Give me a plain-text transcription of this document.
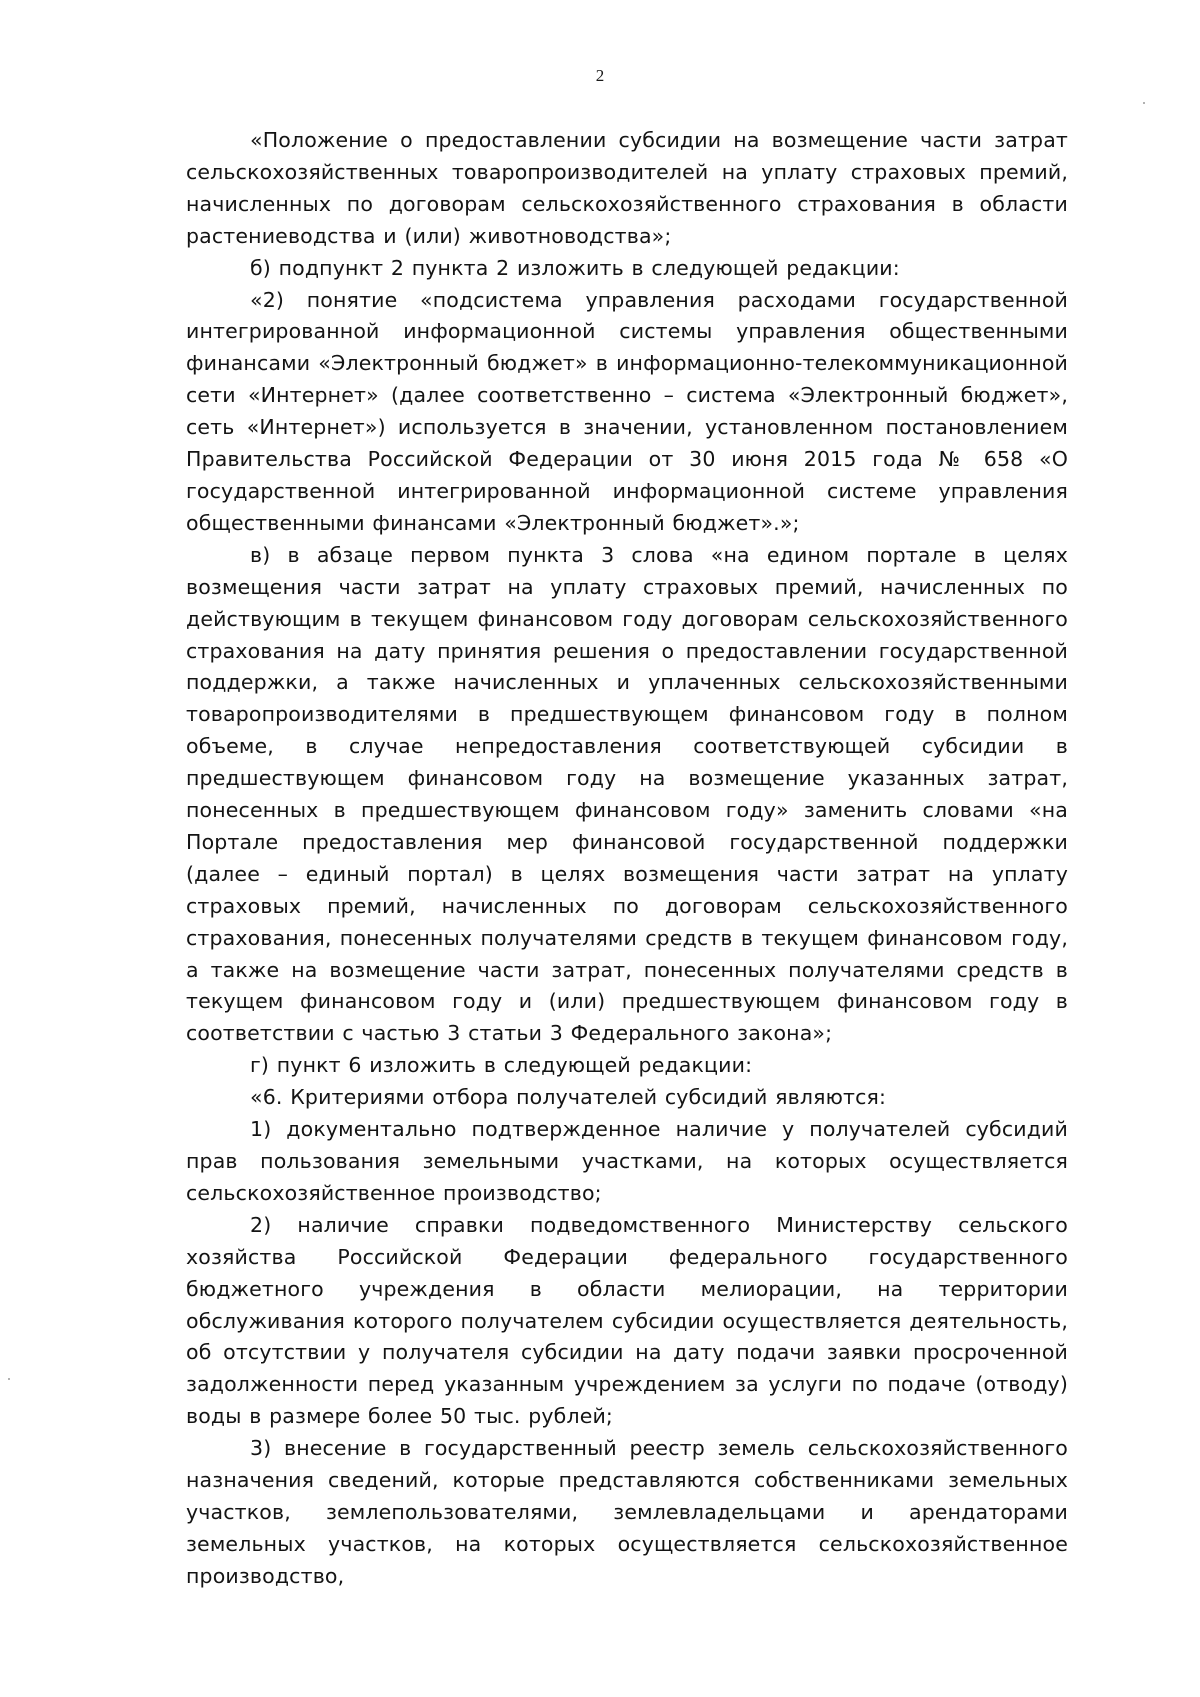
2

«Положение о предоставлении субсидии на возмещение части затрат сельскохозяйственных товаропроизводителей на уплату страховых премий, начисленных по договорам сельскохозяйственного страхования в области растениеводства и (или) животноводства»;

б) подпункт 2 пункта 2 изложить в следующей редакции:

«2) понятие «подсистема управления расходами государственной интегрированной информационной системы управления общественными финансами «Электронный бюджет» в информационно-телекоммуникационной сети «Интернет» (далее соответственно – система «Электронный бюджет», сеть «Интернет») используется в значении, установленном постановлением Правительства Российской Федерации от 30 июня 2015 года № 658 «О государственной интегрированной информационной системе управления общественными финансами «Электронный бюджет».»;

в) в абзаце первом пункта 3 слова «на едином портале в целях возмещения части затрат на уплату страховых премий, начисленных по действующим в текущем финансовом году договорам сельскохозяйственного страхования на дату принятия решения о предоставлении государственной поддержки, а также начисленных и уплаченных сельскохозяйственными товаропроизводителями в предшествующем финансовом году в полном объеме, в случае непредоставления соответствующей субсидии в предшествующем финансовом году на возмещение указанных затрат, понесенных в предшествующем финансовом году» заменить словами «на Портале предоставления мер финансовой государственной поддержки (далее – единый портал) в целях возмещения части затрат на уплату страховых премий, начисленных по договорам сельскохозяйственного страхования, понесенных получателями средств в текущем финансовом году, а также на возмещение части затрат, понесенных получателями средств в текущем финансовом году и (или) предшествующем финансовом году в соответствии с частью 3 статьи 3 Федерального закона»;

г) пункт 6 изложить в следующей редакции:

«6. Критериями отбора получателей субсидий являются:

1) документально подтвержденное наличие у получателей субсидий прав пользования земельными участками, на которых осуществляется сельскохозяйственное производство;

2) наличие справки подведомственного Министерству сельского хозяйства Российской Федерации федерального государственного бюджетного учреждения в области мелиорации, на территории обслуживания которого получателем субсидии осуществляется деятельность, об отсутствии у получателя субсидии на дату подачи заявки просроченной задолженности перед указанным учреждением за услуги по подаче (отводу) воды в размере более 50 тыс. рублей;

3) внесение в государственный реестр земель сельскохозяйственного назначения сведений, которые представляются собственниками земельных участков, землепользователями, землевладельцами и арендаторами земельных участков, на которых осуществляется сельскохозяйственное производство,
